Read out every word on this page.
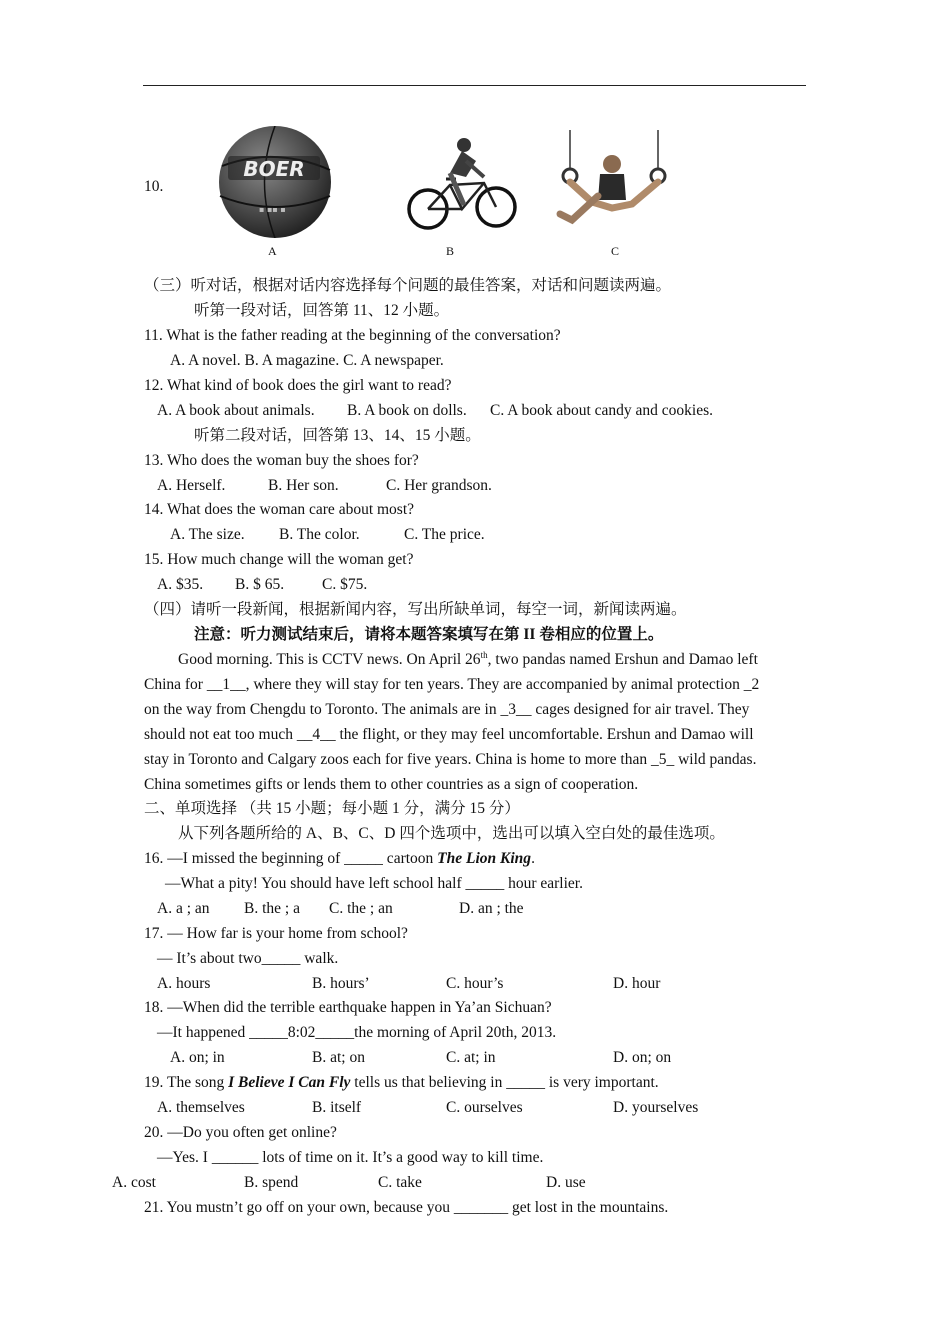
10.
BOER
▪ ▪▪ ▪
A	B	C
（三）听对话，根据对话内容选择每个问题的最佳答案，对话和问题读两遍。
听第一段对话，回答第 11、12 小题。
11. What is the father reading at the beginning of the conversation?
A. A novel. B. A magazine. C. A newspaper.
12. What kind of book does the girl want to read?
A. A book about animals. B. A book on dolls. C. A book about candy and cookies.
听第二段对话，回答第 13、14、15 小题。
13. Who does the woman buy the shoes for?
A. Herself.	B. Her son.	C. Her grandson.
14. What does the woman care about most?
A. The size. B. The color.	C. The price.
15. How much change will the woman get?
A. $35. B. $ 65. C. $75.
（四）请听一段新闻，根据新闻内容，写出所缺单词，每空一词，新闻读两遍。
注意：听力测试结束后，请将本题答案填写在第 II 卷相应的位置上。
Good morning. This is CCTV news. On April 26th, two pandas named Ershun and Damao left
China for __1__, where they will stay for ten years. They are accompanied by animal protection _2
on the way from Chengdu to Toronto. The animals are in _3__ cages designed for air travel. They
should not eat too much __4__ the flight, or they may feel uncomfortable. Ershun and Damao will
stay in Toronto and Calgary zoos each for five years. China is home to more than _5_ wild pandas.
China sometimes gifts or lends them to other countries as a sign of cooperation.
二、单项选择 （共 15 小题；每小题 1 分，满分 15 分）
从下列各题所给的 A、B、C、D 四个选项中，选出可以填入空白处的最佳选项。
16. —I missed the beginning of _____ cartoon The Lion King.
—What a pity! You should have left school half _____ hour earlier.
A. a ; an B. the ; a C. the ; an	D. an ; the
17. — How far is your home from school?
— It’s about two_____ walk.
A. hours	B. hours’	C. hour’s	D. hour
18. —When did the terrible earthquake happen in Ya’an Sichuan?
—It happened _____8:02_____the morning of April 20th, 2013.
A. on; in	B. at; on	C. at; in	D. on; on
19. The song I Believe I Can Fly tells us that believing in _____ is very important.
A. themselves	B. itself	C. ourselves	D. yourselves
20. —Do you often get online?
—Yes. I ______ lots of time on it. It’s a good way to kill time.
A. cost	B. spend	C. take	D. use
21. You mustn’t go off on your own, because you _______ get lost in the mountains.
